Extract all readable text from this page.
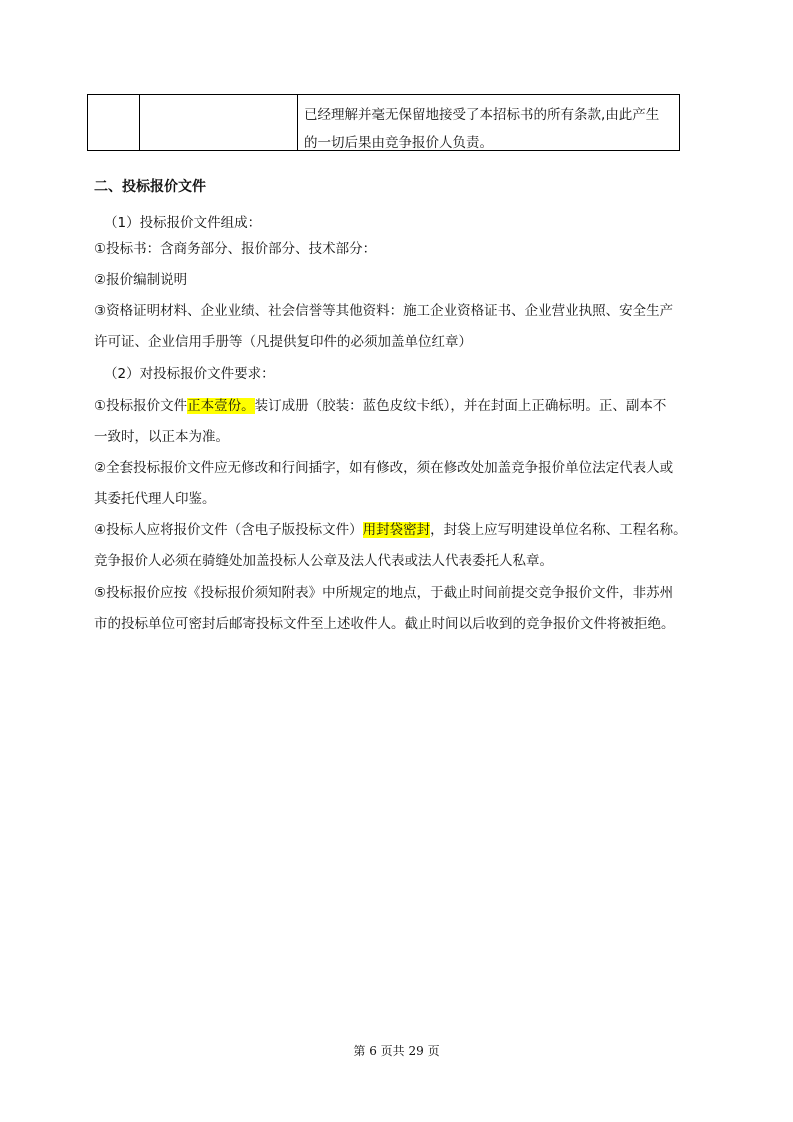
已经理解并毫无保留地接受了本招标书的所有条款,由此产生
的一切后果由竞争报价人负责。
二、投标报价文件
（1）投标报价文件组成：
①投标书：含商务部分、报价部分、技术部分：
②报价编制说明
③资格证明材料、企业业绩、社会信誉等其他资料：施工企业资格证书、企业营业执照、安全生产
许可证、企业信用手册等（凡提供复印件的必须加盖单位红章）
（2）对投标报价文件要求：
①投标报价文件正本壹份。装订成册（胶装：蓝色皮纹卡纸），并在封面上正确标明。正、副本不
一致时，以正本为准。
②全套投标报价文件应无修改和行间插字，如有修改，须在修改处加盖竞争报价单位法定代表人或
其委托代理人印鉴。
④投标人应将报价文件（含电子版投标文件）用封袋密封，封袋上应写明建设单位名称、工程名称。
竞争报价人必须在骑缝处加盖投标人公章及法人代表或法人代表委托人私章。
⑤投标报价应按《投标报价须知附表》中所规定的地点，于截止时间前提交竞争报价文件，非苏州
市的投标单位可密封后邮寄投标文件至上述收件人。截止时间以后收到的竞争报价文件将被拒绝。
第 6 页共 29 页
